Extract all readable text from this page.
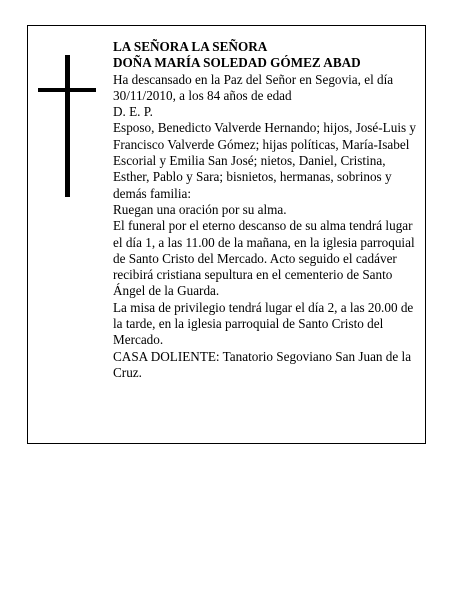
LA SEÑORA LA SEÑORA

DOÑA MARÍA SOLEDAD GÓMEZ ABAD

Ha descansado en la Paz del Señor en Segovia, el día 30/11/2010, a los 84 años de edad

D. E. P.

Esposo, Benedicto Valverde Hernando; hijos, José-Luis y Francisco Valverde Gómez; hijas políticas, María-Isabel Escorial y Emilia San José; nietos, Daniel, Cristina, Esther, Pablo y Sara; bisnietos, hermanas, sobrinos y demás familia:

Ruegan una oración por su alma.

El funeral por el eterno descanso de su alma tendrá lugar el día 1, a las 11.00 de la mañana, en la iglesia parroquial de Santo Cristo del Mercado. Acto seguido el cadáver recibirá cristiana sepultura en el cementerio de Santo Ángel de la Guarda.

La misa de privilegio tendrá lugar el día 2, a las 20.00 de la tarde, en la iglesia parroquial de Santo Cristo del Mercado.

CASA DOLIENTE: Tanatorio Segoviano San Juan de la Cruz.
